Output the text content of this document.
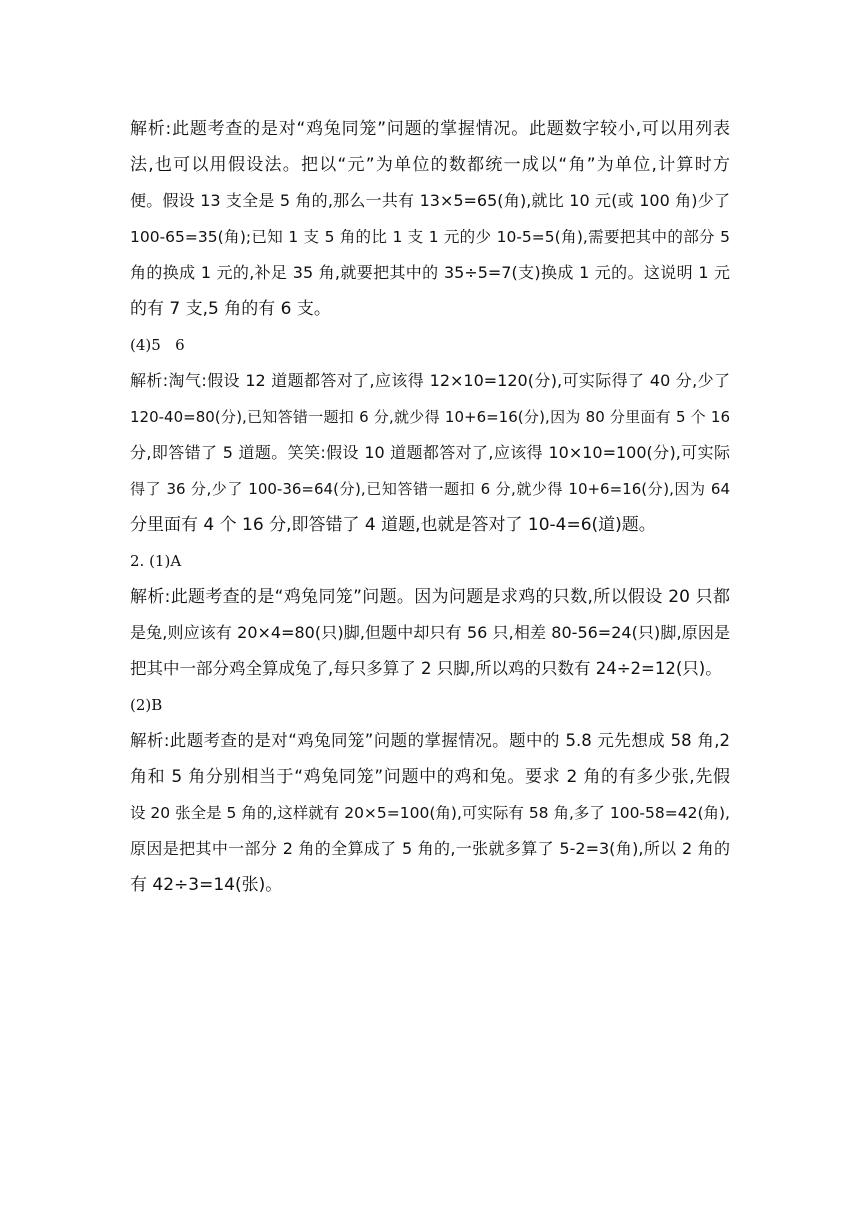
解析:此题考查的是对“鸡兔同笼”问题的掌握情况。此题数字较小,可以用列表
法,也可以用假设法。把以“元”为单位的数都统一成以“角”为单位,计算时方
便。假设 13 支全是 5 角的,那么一共有 13×5=65(角),就比 10 元(或 100 角)少了
100-65=35(角);已知 1 支 5 角的比 1 支 1 元的少 10-5=5(角),需要把其中的部分 5
角的换成 1 元的,补足 35 角,就要把其中的 35÷5=7(支)换成 1 元的。这说明 1 元
的有 7 支,5 角的有 6 支。
(4)5   6
解析:淘气:假设 12 道题都答对了,应该得 12×10=120(分),可实际得了 40 分,少了
120-40=80(分),已知答错一题扣 6 分,就少得 10+6=16(分),因为 80 分里面有 5 个 16
分,即答错了 5 道题。笑笑:假设 10 道题都答对了,应该得 10×10=100(分),可实际
得了 36 分,少了 100-36=64(分),已知答错一题扣 6 分,就少得 10+6=16(分),因为 64
分里面有 4 个 16 分,即答错了 4 道题,也就是答对了 10-4=6(道)题。
2. (1)A
解析:此题考查的是“鸡兔同笼”问题。因为问题是求鸡的只数,所以假设 20 只都
是兔,则应该有 20×4=80(只)脚,但题中却只有 56 只,相差 80-56=24(只)脚,原因是
把其中一部分鸡全算成兔了,每只多算了 2 只脚,所以鸡的只数有 24÷2=12(只)。
(2)B
解析:此题考查的是对“鸡兔同笼”问题的掌握情况。题中的 5.8 元先想成 58 角,2
角和 5 角分别相当于“鸡兔同笼”问题中的鸡和兔。要求 2 角的有多少张,先假
设 20 张全是 5 角的,这样就有 20×5=100(角),可实际有 58 角,多了 100-58=42(角),
原因是把其中一部分 2 角的全算成了 5 角的,一张就多算了 5-2=3(角),所以 2 角的
有 42÷3=14(张)。
